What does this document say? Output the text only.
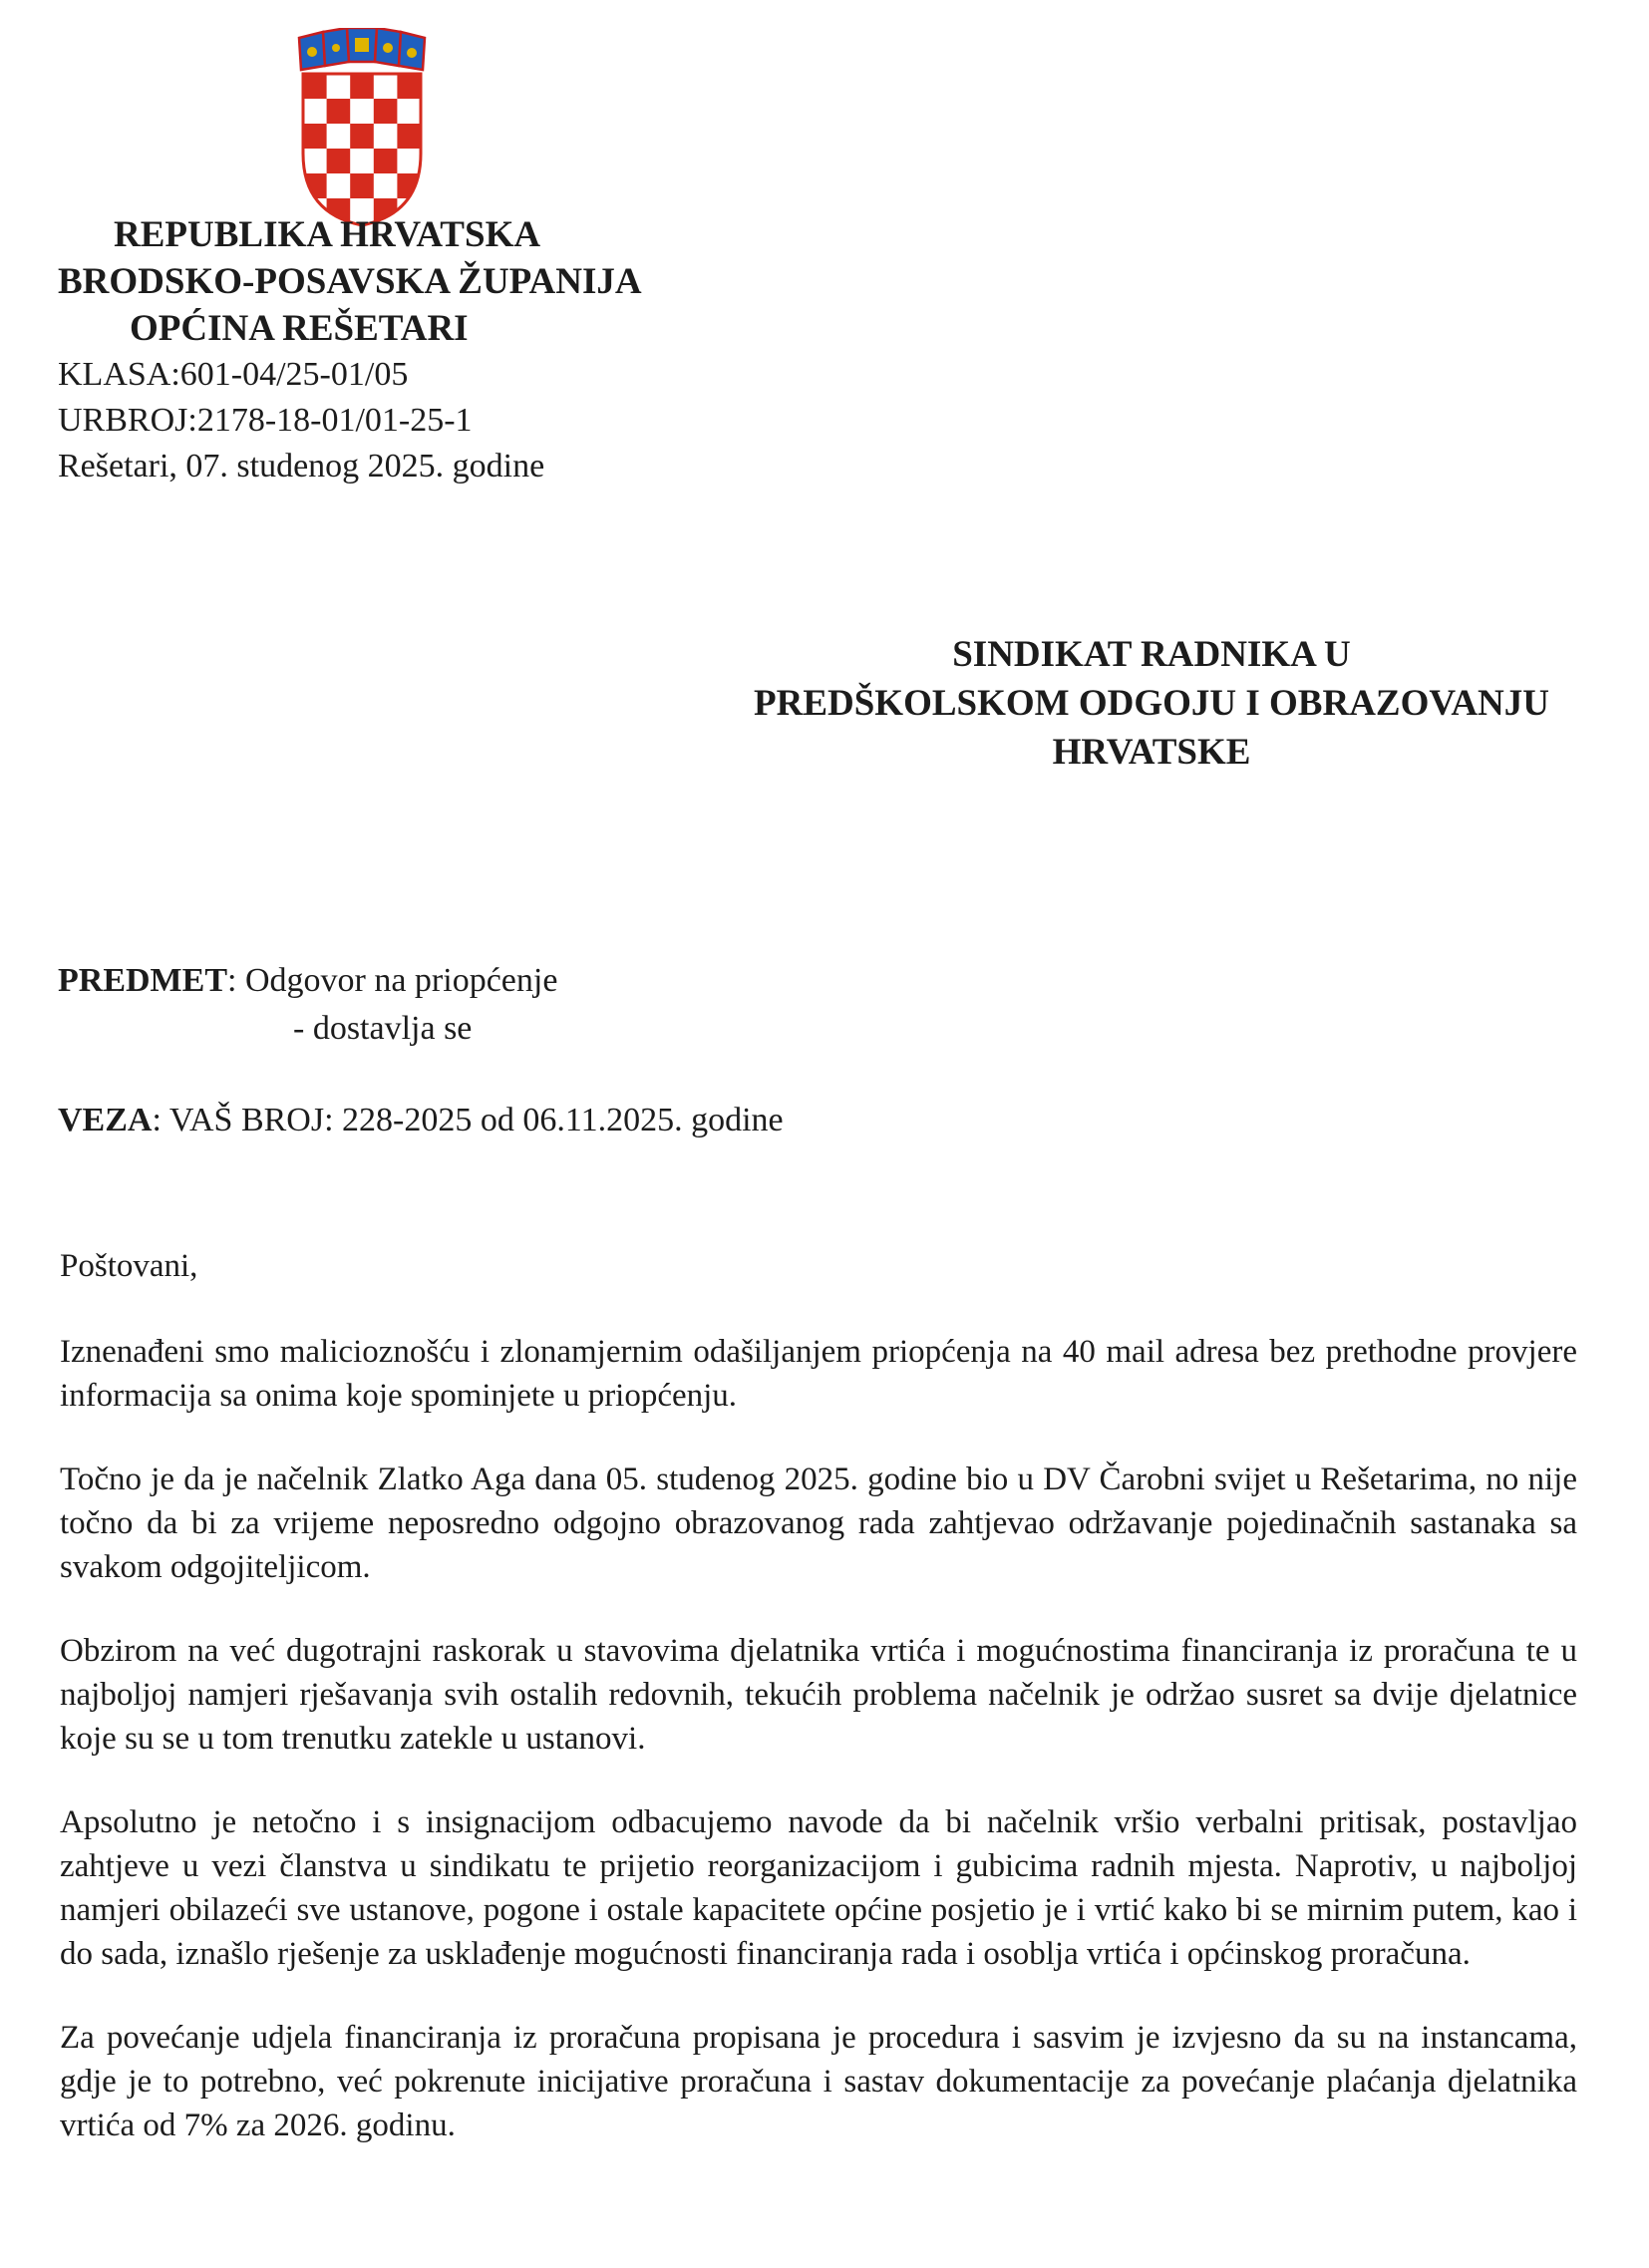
REPUBLIKA HRVATSKA
BRODSKO-POSAVSKA ŽUPANIJA
OPĆINA REŠETARI
KLASA:601-04/25-01/05
URBROJ:2178-18-01/01-25-1
Rešetari, 07. studenog 2025. godine
SINDIKAT RADNIKA U
PREDŠKOLSKOM ODGOJU I OBRAZOVANJU
HRVATSKE
PREDMET: Odgovor na priopćenje
- dostavlja se
VEZA: VAŠ BROJ: 228-2025 od 06.11.2025. godine

Poštovani,

Iznenađeni smo malicioznošću i zlonamjernim odašiljanjem priopćenja na 40 mail adresa bez prethodne provjere informacija sa onima koje spominjete u priopćenju.

Točno je da je načelnik Zlatko Aga dana 05. studenog 2025. godine bio u DV Čarobni svijet u Rešetarima, no nije točno da bi za vrijeme neposredno odgojno obrazovanog rada zahtjevao održavanje pojedinačnih sastanaka sa svakom odgojiteljicom.

Obzirom na već dugotrajni raskorak u stavovima djelatnika vrtića i mogućnostima financiranja iz proračuna te u najboljoj namjeri rješavanja svih ostalih redovnih, tekućih problema načelnik je održao susret sa dvije djelatnice koje su se u tom trenutku zatekle u ustanovi.

Apsolutno je netočno i s insignacijom odbacujemo navode da bi načelnik vršio verbalni pritisak, postavljao zahtjeve u vezi članstva u sindikatu te prijetio reorganizacijom i gubicima radnih mjesta. Naprotiv, u najboljoj namjeri obilazeći sve ustanove, pogone i ostale kapacitete općine posjetio je i vrtić kako bi se mirnim putem, kao i do sada, iznašlo rješenje za usklađenje mogućnosti financiranja rada i osoblja vrtića i općinskog proračuna.

Za povećanje udjela financiranja iz proračuna propisana je procedura i sasvim je izvjesno da su na instancama, gdje je to potrebno, već pokrenute inicijative proračuna i sastav dokumentacije za povećanje plaćanja djelatnika vrtića od 7% za 2026. godinu.
